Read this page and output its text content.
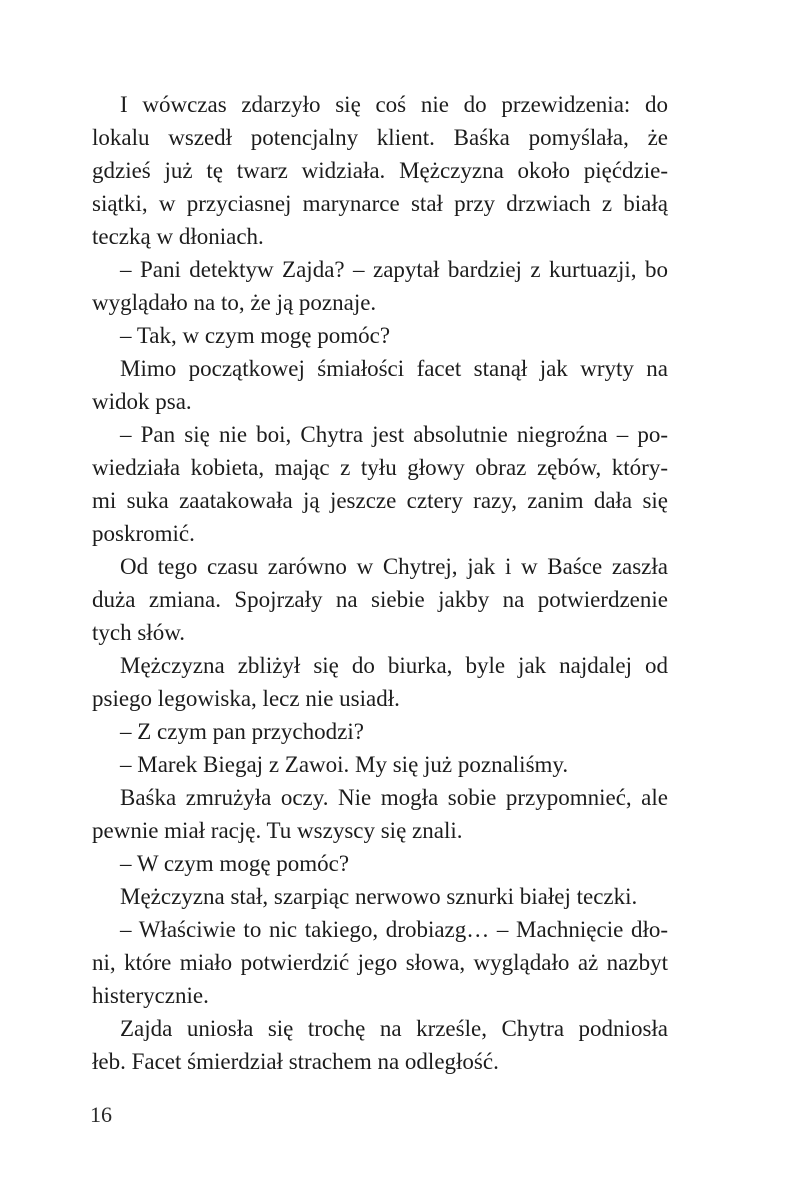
I wówczas zdarzyło się coś nie do przewidzenia: do
lokalu wszedł potencjalny klient. Baśka pomyślała, że
gdzieś już tę twarz widziała. Mężczyzna około pięćdzie-
siątki, w przyciasnej marynarce stał przy drzwiach z białą
teczką w dłoniach.

– Pani detektyw Zajda? – zapytał bardziej z kurtuazji, bo
wyglądało na to, że ją poznaje.

– Tak, w czym mogę pomóc?

Mimo początkowej śmiałości facet stanął jak wryty na
widok psa.

– Pan się nie boi, Chytra jest absolutnie niegroźna – po-
wiedziała kobieta, mając z tyłu głowy obraz zębów, który-
mi suka zaatakowała ją jeszcze cztery razy, zanim dała się
poskromić.

Od tego czasu zarówno w Chytrej, jak i w Baśce zaszła
duża zmiana. Spojrzały na siebie jakby na potwierdzenie
tych słów.

Mężczyzna zbliżył się do biurka, byle jak najdalej od
psiego legowiska, lecz nie usiadł.

– Z czym pan przychodzi?

– Marek Biegaj z Zawoi. My się już poznaliśmy.

Baśka zmrużyła oczy. Nie mogła sobie przypomnieć, ale
pewnie miał rację. Tu wszyscy się znali.

– W czym mogę pomóc?

Mężczyzna stał, szarpiąc nerwowo sznurki białej teczki.

– Właściwie to nic takiego, drobiazg… – Machnięcie dło-
ni, które miało potwierdzić jego słowa, wyglądało aż nazbyt
histerycznie.

Zajda uniosła się trochę na krześle, Chytra podniosła
łeb. Facet śmierdział strachem na odległość.

16
